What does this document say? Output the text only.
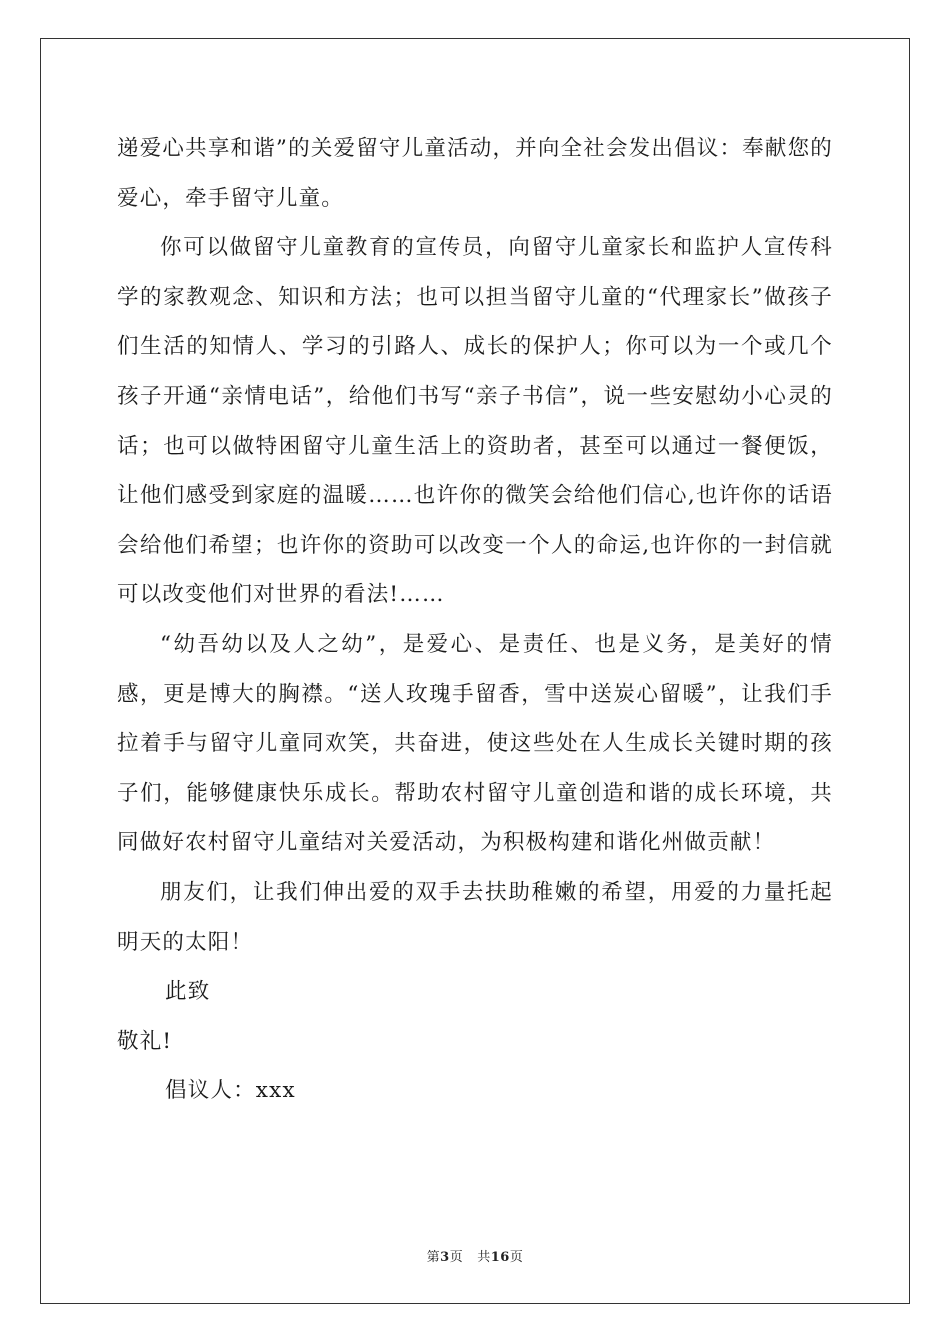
递爱心共享和谐”的关爱留守儿童活动，并向全社会发出倡议：奉献您的爱心，牵手留守儿童。

你可以做留守儿童教育的宣传员，向留守儿童家长和监护人宣传科学的家教观念、知识和方法；也可以担当留守儿童的“代理家长”做孩子们生活的知情人、学习的引路人、成长的保护人；你可以为一个或几个孩子开通“亲情电话”，给他们书写“亲子书信”，说一些安慰幼小心灵的话；也可以做特困留守儿童生活上的资助者，甚至可以通过一餐便饭，让他们感受到家庭的温暖……也许你的微笑会给他们信心,也许你的话语会给他们希望；也许你的资助可以改变一个人的命运,也许你的一封信就可以改变他们对世界的看法!……

“幼吾幼以及人之幼”，是爱心、是责任、也是义务，是美好的情感，更是博大的胸襟。“送人玫瑰手留香，雪中送炭心留暖”，让我们手拉着手与留守儿童同欢笑，共奋进，使这些处在人生成长关键时期的孩子们，能够健康快乐成长。帮助农村留守儿童创造和谐的成长环境，共同做好农村留守儿童结对关爱活动，为积极构建和谐化州做贡献！

朋友们，让我们伸出爱的双手去扶助稚嫩的希望，用爱的力量托起明天的太阳！

此致

敬礼!

倡议人：xxx

第3页 共16页
